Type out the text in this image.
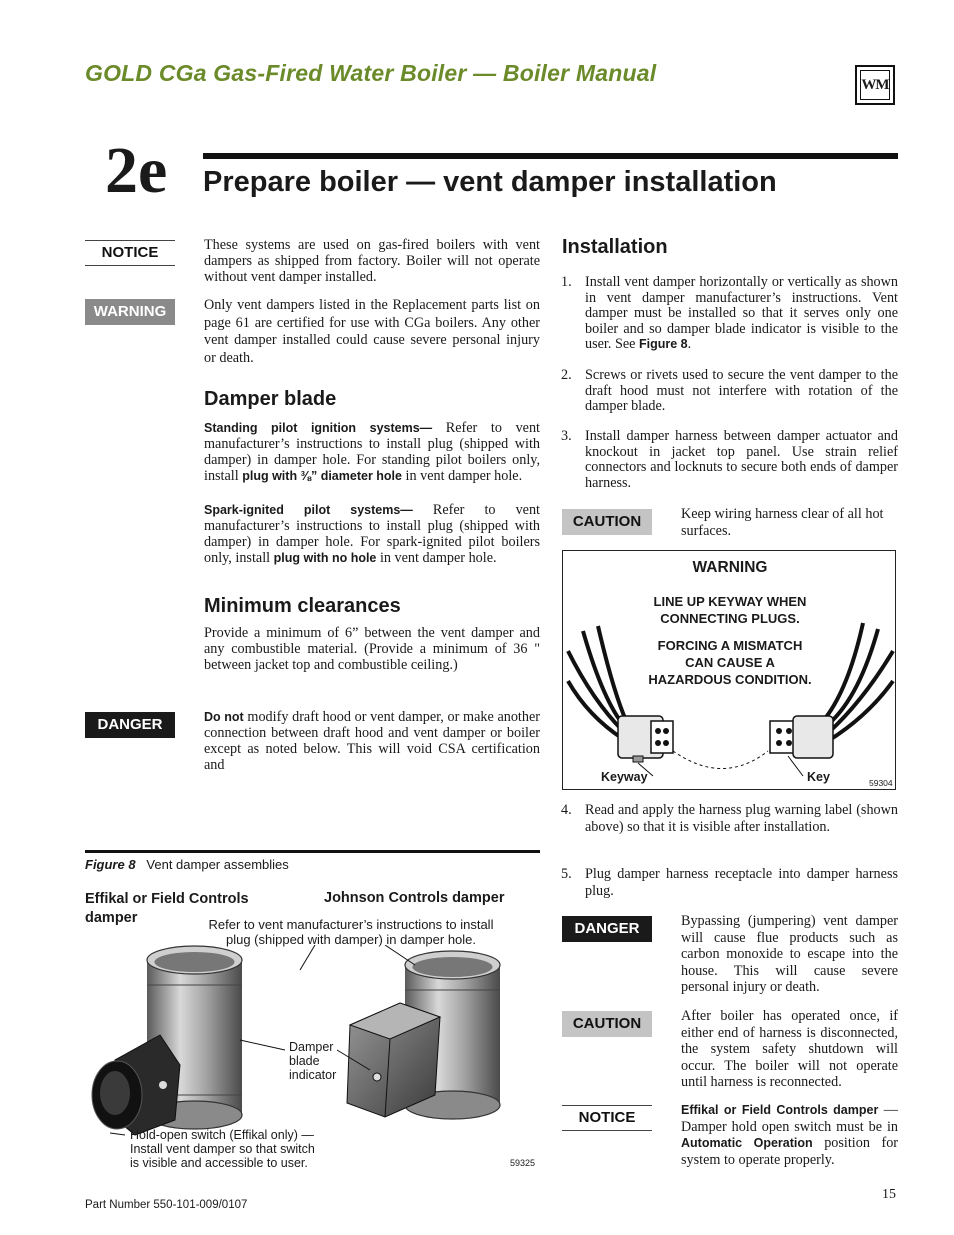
GOLD CGa Gas-Fired Water Boiler — Boiler Manual	WM
2e Prepare boiler — vent damper installation
NOTICE	These systems are used on gas-fired boilers with vent dampers as shipped from factory. Boiler will not operate without vent damper installed.
WARNING	Only vent dampers listed in the Replacement parts list on page 61 are certified for use with CGa boilers. Any other vent damper installed could cause severe personal injury or death.
Damper blade
Standing pilot ignition systems— Refer to vent manufacturer’s instructions to install plug (shipped with damper) in damper hole. For standing pilot boilers only, install plug with ⅜” diameter hole in vent damper hole.
Spark-ignited pilot systems— Refer to vent manufacturer’s instructions to install plug (shipped with damper) in damper hole. For spark-ignited pilot boilers only, install plug with no hole in vent damper hole.
Minimum clearances
Provide a minimum of 6” between the vent damper and any combustible material. (Provide a minimum of 36 " between jacket top and combustible ceiling.)
DANGER	Do not modify draft hood or vent damper, or make another connection between draft hood and vent damper or boiler except as noted below. This will void CSA certification and
Figure 8 Vent damper assemblies
Effikal or Field Controls damper
Johnson Controls damper
Refer to vent manufacturer’s instructions to install plug (shipped with damper) in damper hole.
Damper blade indicator
Hold-open switch (Effikal only) —
Install vent damper so that switch
is visible and accessible to user.	59325
Installation
1. Install vent damper horizontally or vertically as shown in vent damper manufacturer’s instructions. Vent damper must be installed so that it serves only one boiler and so damper blade indicator is visible to the user. See Figure 8.
2. Screws or rivets used to secure the vent damper to the draft hood must not interfere with rotation of the damper blade.
3. Install damper harness between damper actuator and knockout in jacket top panel. Use strain relief connectors and locknuts to secure both ends of damper harness.
CAUTION	Keep wiring harness clear of all hot surfaces.
WARNING
LINE UP KEYWAY WHEN
CONNECTING PLUGS.
FORCING A MISMATCH
CAN CAUSE A
HAZARDOUS CONDITION.
Keyway	Key	59304
4. Read and apply the harness plug warning label (shown above) so that it is visible after installation.
5. Plug damper harness receptacle into damper harness plug.
DANGER	Bypassing (jumpering) vent damper will cause flue products such as carbon monoxide to escape into the house. This will cause severe personal injury or death.
CAUTION	After boiler has operated once, if either end of harness is disconnected, the system safety shutdown will occur. The boiler will not operate until harness is reconnected.
NOTICE	Effikal or Field Controls damper — Damper hold open switch must be in Automatic Operation position for system to operate properly.
Part Number 550-101-009/0107
15
